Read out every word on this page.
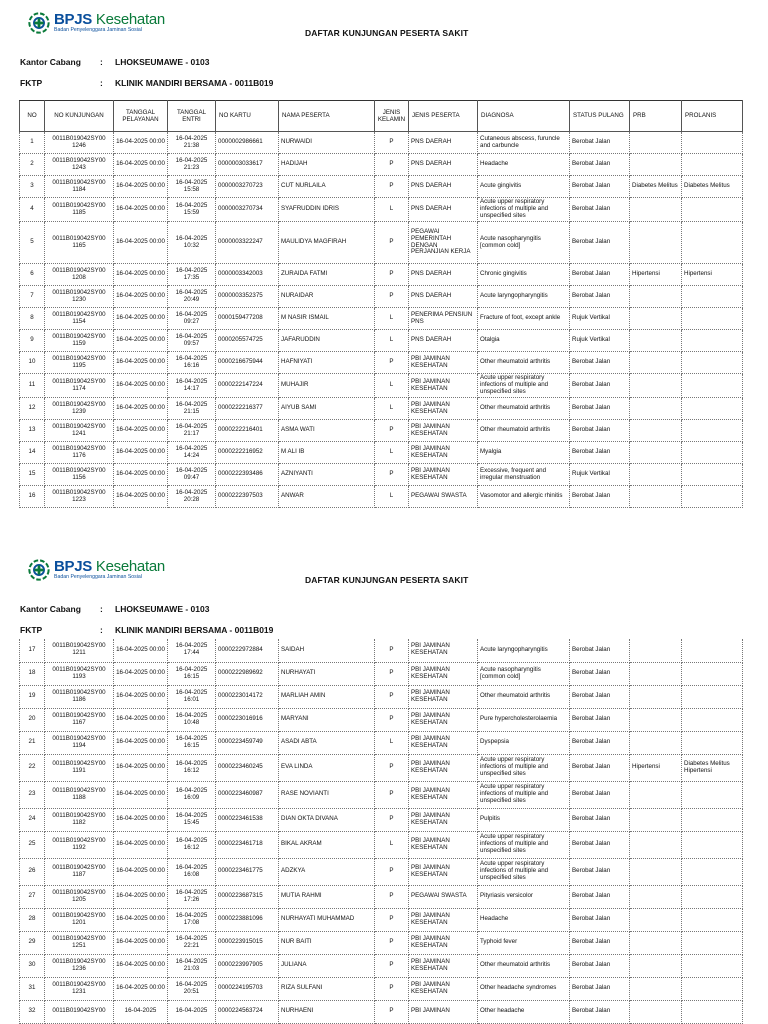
BPJS Kesehatan
Badan Penyelenggara Jaminan Sosial	DAFTAR KUNJUNGAN PESERTA SAKIT
Kantor Cabang	:	LHOKSEUMAWE - 0103
FKTP	:	KLINIK MANDIRI BERSAMA - 0011B019
NO	NO KUNJUNGAN	TANGGAL PELAYANAN	TANGGAL ENTRI	NO KARTU	NAMA PESERTA	JENIS KELAMIN	JENIS PESERTA	DIAGNOSA	STATUS PULANG	PRB	PROLANIS
1	0011B019042SY00 1246	16-04-2025 00:00	16-04-2025 21:38	0000002986661	NURWAIDI	P	PNS DAERAH	Cutaneous abscess, furuncle and carbuncle	Berobat Jalan		
2	0011B019042SY00 1243	16-04-2025 00:00	16-04-2025 21:23	0000003033617	HADIJAH	P	PNS DAERAH	Headache	Berobat Jalan		
3	0011B019042SY00 1184	16-04-2025 00:00	16-04-2025 15:58	0000003270723	CUT NURLAILA	P	PNS DAERAH	Acute gingivitis	Berobat Jalan	Diabetes Melitus	Diabetes Melitus
4	0011B019042SY00 1185	16-04-2025 00:00	16-04-2025 15:59	0000003270734	SYAFRUDDIN IDRIS	L	PNS DAERAH	Acute upper respiratory infections of multiple and unspecified sites	Berobat Jalan		
5	0011B019042SY00 1165	16-04-2025 00:00	16-04-2025 10:32	0000003322247	MAULIDYA MAGFIRAH	P	PEGAWAI PEMERINTAH DENGAN PERJANJIAN KERJA	Acute nasopharyngitis [common cold]	Berobat Jalan		
6	0011B019042SY00 1208	16-04-2025 00:00	16-04-2025 17:35	0000003342003	ZURAIDA FATMI	P	PNS DAERAH	Chronic gingivitis	Berobat Jalan	Hipertensi	Hipertensi
7	0011B019042SY00 1230	16-04-2025 00:00	16-04-2025 20:49	0000003352375	NURAIDAR	P	PNS DAERAH	Acute laryngopharyngitis	Berobat Jalan		
8	0011B019042SY00 1154	16-04-2025 00:00	16-04-2025 09:27	0000159477208	M NASIR ISMAIL	L	PENERIMA PENSIUN PNS	Fracture of foot, except ankle	Rujuk Vertikal		
9	0011B019042SY00 1159	16-04-2025 00:00	16-04-2025 09:57	0000205574725	JAFARUDDIN	L	PNS DAERAH	Otalgia	Rujuk Vertikal		
10	0011B019042SY00 1195	16-04-2025 00:00	16-04-2025 16:16	0000216675944	HAFNIYATI	P	PBI JAMINAN KESEHATAN	Other rheumatoid arthritis	Berobat Jalan		
11	0011B019042SY00 1174	16-04-2025 00:00	16-04-2025 14:17	0000222147224	MUHAJIR	L	PBI JAMINAN KESEHATAN	Acute upper respiratory infections of multiple and unspecified sites	Berobat Jalan		
12	0011B019042SY00 1239	16-04-2025 00:00	16-04-2025 21:15	0000222216377	AIYUB SAMI	L	PBI JAMINAN KESEHATAN	Other rheumatoid arthritis	Berobat Jalan		
13	0011B019042SY00 1241	16-04-2025 00:00	16-04-2025 21:17	0000222216401	ASMA WATI	P	PBI JAMINAN KESEHATAN	Other rheumatoid arthritis	Berobat Jalan		
14	0011B019042SY00 1176	16-04-2025 00:00	16-04-2025 14:24	0000222216952	M ALI IB	L	PBI JAMINAN KESEHATAN	Myalgia	Berobat Jalan		
15	0011B019042SY00 1156	16-04-2025 00:00	16-04-2025 09:47	0000222393486	AZNIYANTI	P	PBI JAMINAN KESEHATAN	Excessive, frequent and irregular menstruation	Rujuk Vertikal		
16	0011B019042SY00 1223	16-04-2025 00:00	16-04-2025 20:28	0000222397503	ANWAR	L	PEGAWAI SWASTA	Vasomotor and allergic rhinitis	Berobat Jalan		
BPJS Kesehatan
Badan Penyelenggara Jaminan Sosial	DAFTAR KUNJUNGAN PESERTA SAKIT
Kantor Cabang	:	LHOKSEUMAWE - 0103
FKTP	:	KLINIK MANDIRI BERSAMA - 0011B019
17	0011B019042SY00 1211	16-04-2025 00:00	16-04-2025 17:44	0000222972884	SAIDAH	P	PBI JAMINAN KESEHATAN	Acute laryngopharyngitis	Berobat Jalan		
18	0011B019042SY00 1193	16-04-2025 00:00	16-04-2025 16:15	0000222989692	NURHAYATI	P	PBI JAMINAN KESEHATAN	Acute nasopharyngitis [common cold]	Berobat Jalan		
19	0011B019042SY00 1186	16-04-2025 00:00	16-04-2025 16:01	0000223014172	MARLIAH AMIN	P	PBI JAMINAN KESEHATAN	Other rheumatoid arthritis	Berobat Jalan		
20	0011B019042SY00 1167	16-04-2025 00:00	16-04-2025 10:48	0000223016916	MARYANI	P	PBI JAMINAN KESEHATAN	Pure hypercholesterolaemia	Berobat Jalan		
21	0011B019042SY00 1194	16-04-2025 00:00	16-04-2025 16:15	0000223459749	ASADI ABTA	L	PBI JAMINAN KESEHATAN	Dyspepsia	Berobat Jalan		
22	0011B019042SY00 1191	16-04-2025 00:00	16-04-2025 16:12	0000223460245	EVA LINDA	P	PBI JAMINAN KESEHATAN	Acute upper respiratory infections of multiple and unspecified sites	Berobat Jalan	Hipertensi	Diabetes Melitus Hipertensi
23	0011B019042SY00 1188	16-04-2025 00:00	16-04-2025 16:09	0000223460987	RASE NOVIANTI	P	PBI JAMINAN KESEHATAN	Acute upper respiratory infections of multiple and unspecified sites	Berobat Jalan		
24	0011B019042SY00 1182	16-04-2025 00:00	16-04-2025 15:45	0000223461538	DIAN OKTA DIVANA	P	PBI JAMINAN KESEHATAN	Pulpitis	Berobat Jalan		
25	0011B019042SY00 1192	16-04-2025 00:00	16-04-2025 16:12	0000223461718	BIKAL AKRAM	L	PBI JAMINAN KESEHATAN	Acute upper respiratory infections of multiple and unspecified sites	Berobat Jalan		
26	0011B019042SY00 1187	16-04-2025 00:00	16-04-2025 16:08	0000223461775	ADZKYA	P	PBI JAMINAN KESEHATAN	Acute upper respiratory infections of multiple and unspecified sites	Berobat Jalan		
27	0011B019042SY00 1205	16-04-2025 00:00	16-04-2025 17:26	0000223687315	MUTIA RAHMI	P	PEGAWAI SWASTA	Pityriasis versicolor	Berobat Jalan		
28	0011B019042SY00 1201	16-04-2025 00:00	16-04-2025 17:08	0000223881096	NURHAYATI MUHAMMAD	P	PBI JAMINAN KESEHATAN	Headache	Berobat Jalan		
29	0011B019042SY00 1251	16-04-2025 00:00	16-04-2025 22:21	0000223915015	NUR BAITI	P	PBI JAMINAN KESEHATAN	Typhoid fever	Berobat Jalan		
30	0011B019042SY00 1236	16-04-2025 00:00	16-04-2025 21:03	0000223997905	JULIANA	P	PBI JAMINAN KESEHATAN	Other rheumatoid arthritis	Berobat Jalan		
31	0011B019042SY00 1231	16-04-2025 00:00	16-04-2025 20:51	0000224195703	RIZA SULFANI	P	PBI JAMINAN KESEHATAN	Other headache syndromes	Berobat Jalan		
32	0011B019042SY00	16-04-2025	16-04-2025	0000224563724	NURHAENI	P	PBI JAMINAN	Other headache	Berobat Jalan		
